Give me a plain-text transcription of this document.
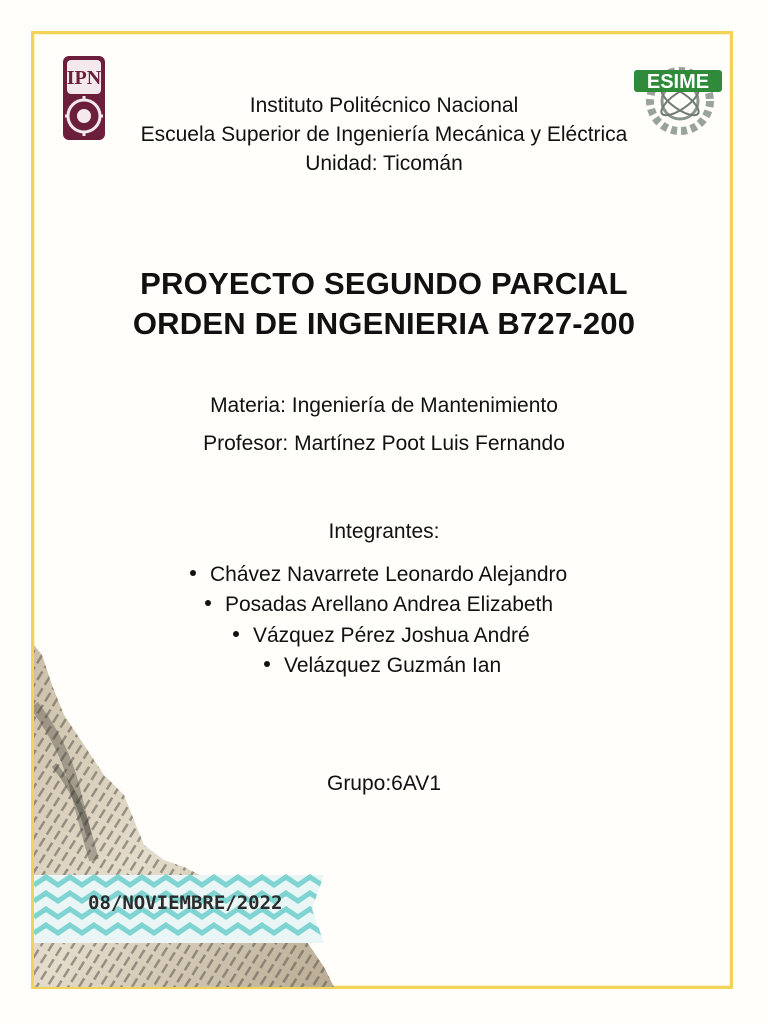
IPN	ESIME
Instituto Politécnico Nacional
Escuela Superior de Ingeniería Mecánica y Eléctrica
Unidad: Ticomán
PROYECTO SEGUNDO PARCIAL
ORDEN DE INGENIERIA B727-200
Materia: Ingeniería de Mantenimiento
Profesor: Martínez Poot Luis Fernando
Integrantes:
Chávez Navarrete Leonardo Alejandro
Posadas Arellano Andrea Elizabeth
Vázquez Pérez Joshua André
Velázquez Guzmán Ian
Grupo:6AV1
08/NOVIEMBRE/2022
